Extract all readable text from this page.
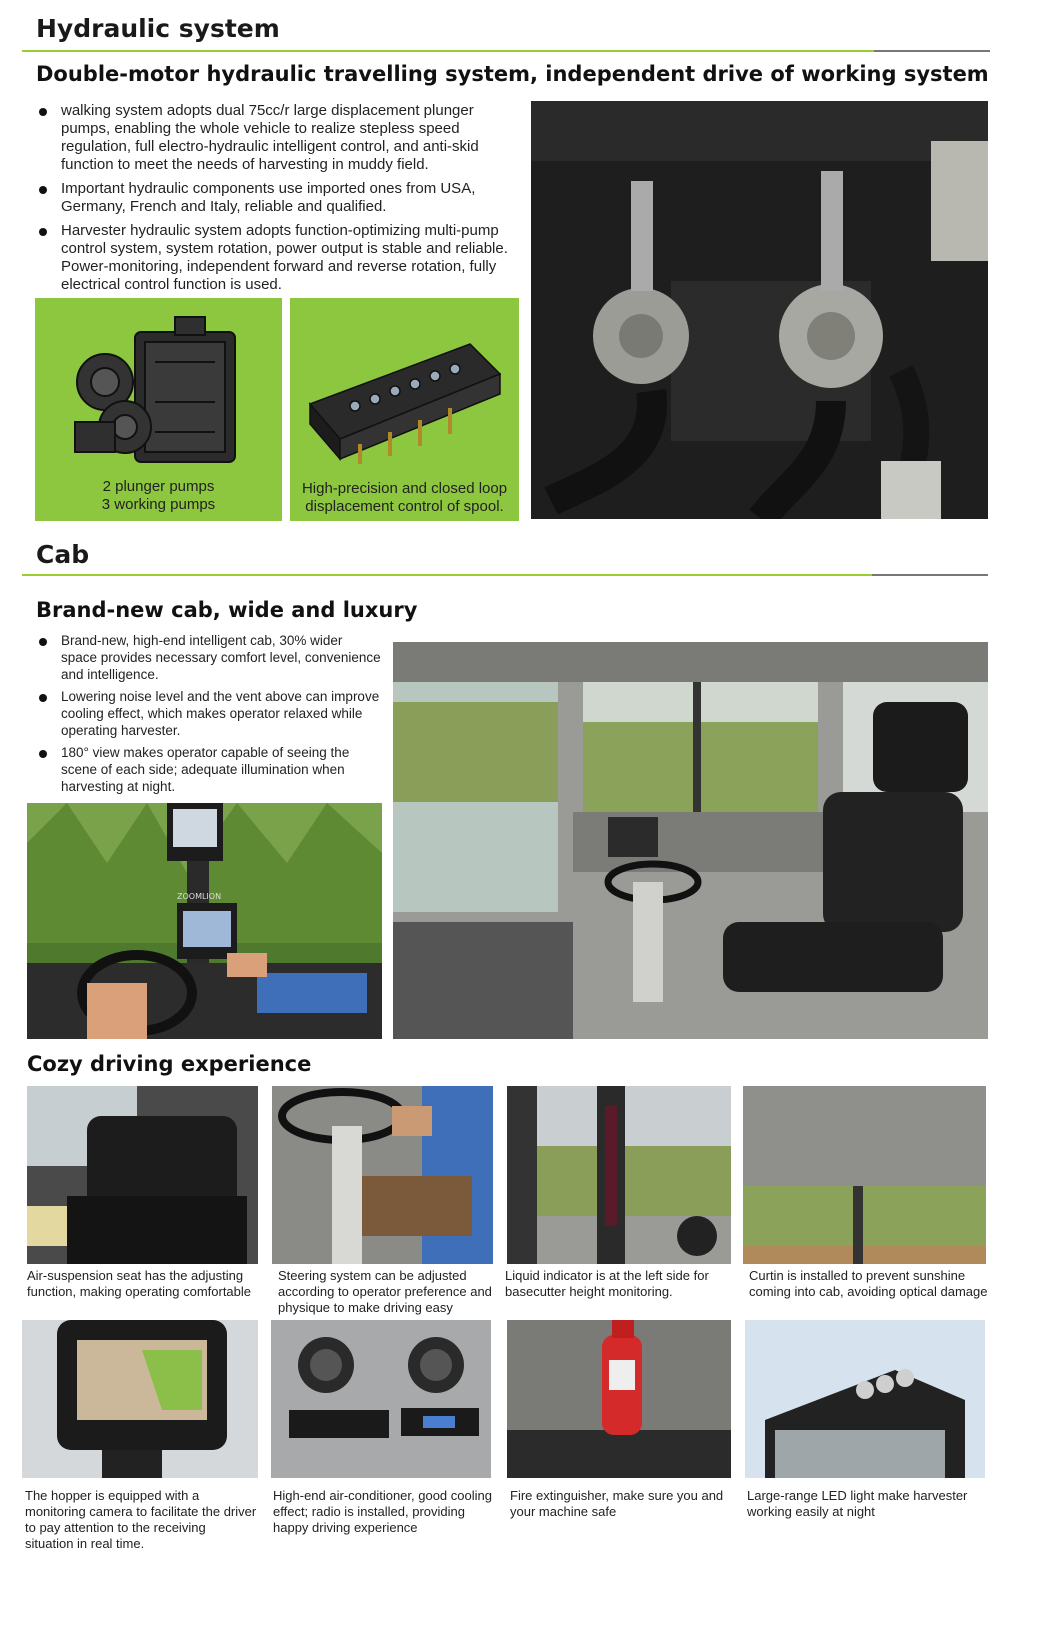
Hydraulic system
Double-motor hydraulic travelling system, independent drive of working system
walking system adopts dual 75cc/r large displacement plunger pumps, enabling the whole vehicle to realize stepless speed regulation, full electro-hydraulic intelligent control, and anti-skid function to meet the needs of harvesting in muddy field.
Important hydraulic components use imported ones from USA, Germany, French and Italy, reliable and qualified.
Harvester hydraulic system adopts function-optimizing multi-pump control system, system rotation, power output is stable and reliable. Power-monitoring, independent forward and reverse rotation, fully electrical control function is used.
2 plunger pumps
3 working pumps
High-precision and closed loop
displacement control of spool.
Cab
Brand-new cab, wide and luxury
Brand-new, high-end intelligent cab, 30% wider space provides necessary comfort level, convenience and intelligence.
Lowering noise level and the vent above can improve cooling effect, which makes operator relaxed while operating harvester.
180° view makes operator capable of seeing the scene of each side; adequate illumination when harvesting at night.
ZOOMLION
Cozy driving experience
Air-suspension seat has the adjusting function, making operating comfortable
Steering system can be adjusted according to operator preference and physique to make driving easy
Liquid indicator is at the left side for basecutter height monitoring.
Curtin is installed to prevent sunshine coming into cab, avoiding optical damage
The hopper is equipped with a monitoring camera to facilitate the driver to pay attention to the receiving situation in real time.
High-end air-conditioner, good cooling effect; radio is installed, providing happy driving experience
Fire extinguisher, make sure you and your machine safe
Large-range LED light make harvester working easily at night
